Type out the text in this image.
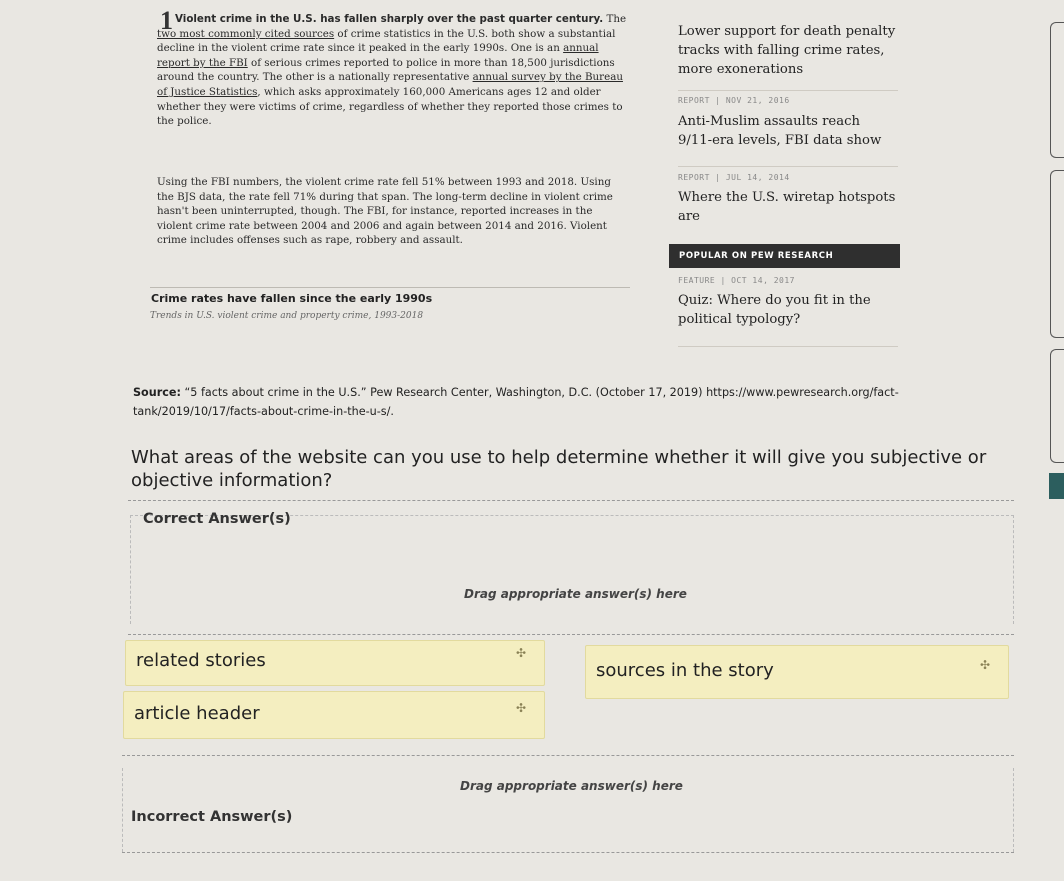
1 Violent crime in the U.S. has fallen sharply over the past quarter century. The two most commonly cited sources of crime statistics in the U.S. both show a substantial decline in the violent crime rate since it peaked in the early 1990s. One is an annual report by the FBI of serious crimes reported to police in more than 18,500 jurisdictions around the country. The other is a nationally representative annual survey by the Bureau of Justice Statistics, which asks approximately 160,000 Americans ages 12 and older whether they were victims of crime, regardless of whether they reported those crimes to the police.

Using the FBI numbers, the violent crime rate fell 51% between 1993 and 2018. Using the BJS data, the rate fell 71% during that span. The long-term decline in violent crime hasn't been uninterrupted, though. The FBI, for instance, reported increases in the violent crime rate between 2004 and 2006 and again between 2014 and 2016. Violent crime includes offenses such as rape, robbery and assault.

Crime rates have fallen since the early 1990s
Trends in U.S. violent crime and property crime, 1993-2018
Lower support for death penalty tracks with falling crime rates, more exonerations
REPORT | NOV 21, 2016
Anti-Muslim assaults reach 9/11-era levels, FBI data show
REPORT | JUL 14, 2014
Where the U.S. wiretap hotspots are
POPULAR ON PEW RESEARCH
FEATURE | OCT 14, 2017
Quiz: Where do you fit in the political typology?
Source: “5 facts about crime in the U.S.” Pew Research Center, Washington, D.C. (October 17, 2019) https://www.pewresearch.org/fact-tank/2019/10/17/facts-about-crime-in-the-u-s/.
What areas of the website can you use to help determine whether it will give you subjective or objective information?
Correct Answer(s)
Drag appropriate answer(s) here
related stories	✣
sources in the story	✣
article header	✣
Drag appropriate answer(s) here
Incorrect Answer(s)
